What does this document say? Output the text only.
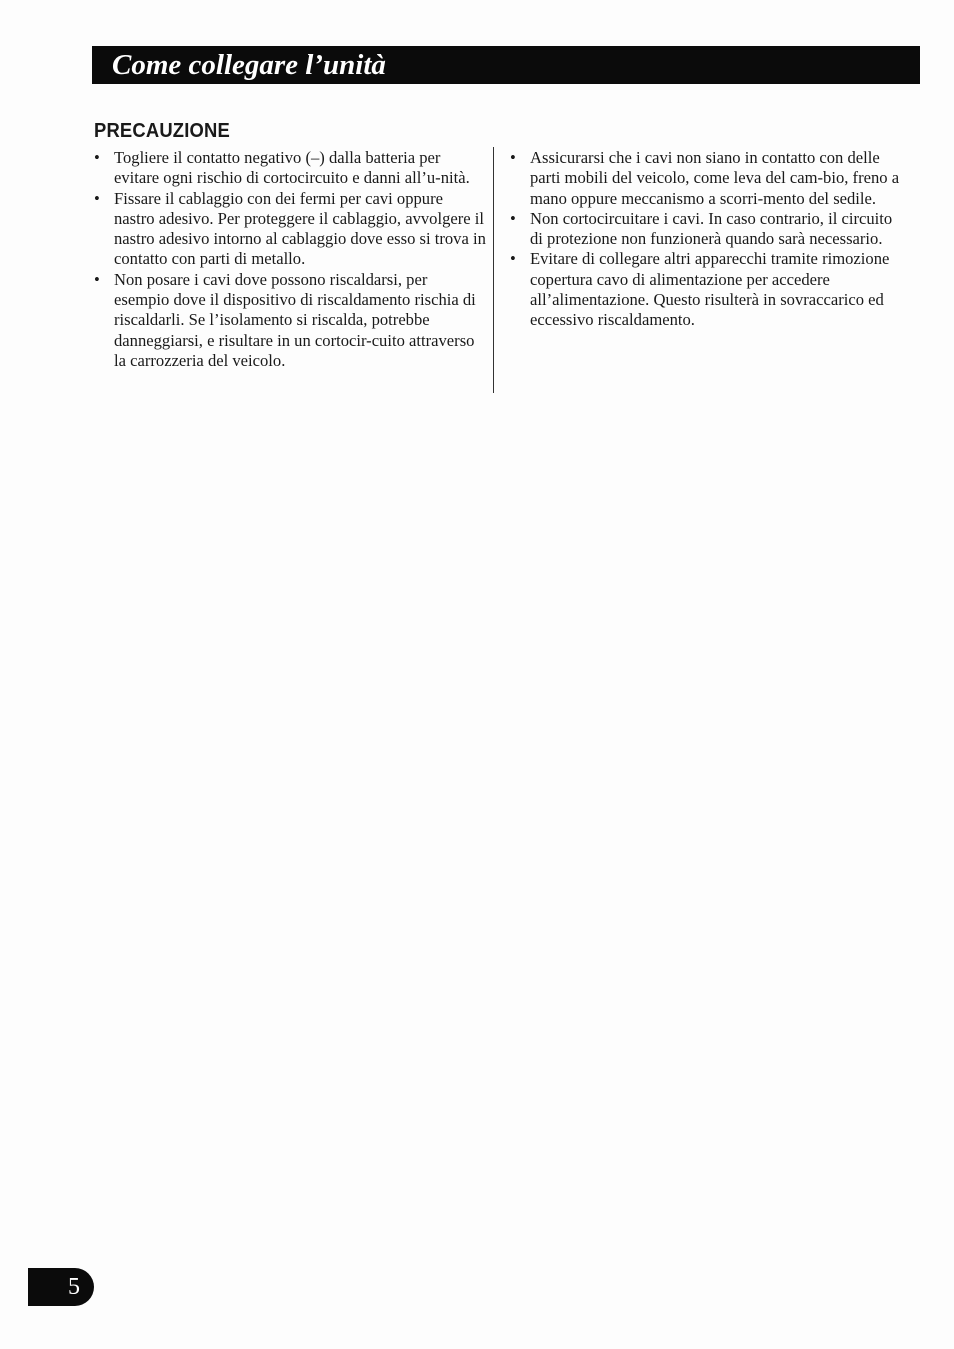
Come collegare l’unità
PRECAUZIONE
• Togliere il contatto negativo (–) dalla batteria per evitare ogni rischio di cortocircuito e danni all’u-nità.
• Fissare il cablaggio con dei fermi per cavi oppure nastro adesivo. Per proteggere il cablaggio, avvolgere il nastro adesivo intorno al cablaggio dove esso si trova in contatto con parti di metallo.
• Non posare i cavi dove possono riscaldarsi, per esempio dove il dispositivo di riscaldamento rischia di riscaldarli. Se l’isolamento si riscalda, potrebbe danneggiarsi, e risultare in un cortocir-cuito attraverso la carrozzeria del veicolo.
• Assicurarsi che i cavi non siano in contatto con delle parti mobili del veicolo, come leva del cam-bio, freno a mano oppure meccanismo a scorri-mento del sedile.
• Non cortocircuitare i cavi. In caso contrario, il circuito di protezione non funzionerà quando sarà necessario.
• Evitare di collegare altri apparecchi tramite rimozione copertura cavo di alimentazione per accedere all’alimentazione. Questo risulterà in sovraccarico ed eccessivo riscaldamento.
5
